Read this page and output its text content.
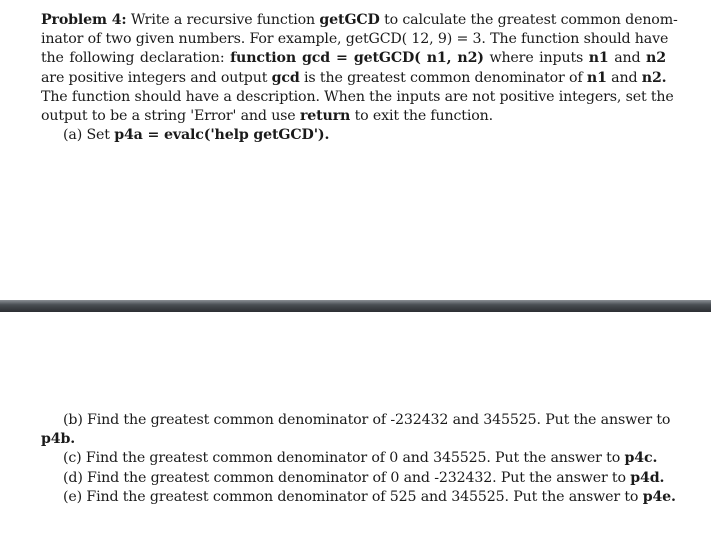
Problem 4: Write a recursive function getGCD to calculate the greatest common denom-
inator of two given numbers. For example, getGCD( 12, 9) = 3. The function should have
the following declaration: function gcd = getGCD( n1, n2) where inputs n1 and n2
are positive integers and output gcd is the greatest common denominator of n1 and n2.
The function should have a description. When the inputs are not positive integers, set the
output to be a string 'Error' and use return to exit the function.
(a) Set p4a = evalc('help getGCD').
(b) Find the greatest common denominator of -232432 and 345525. Put the answer to
p4b.
(c) Find the greatest common denominator of 0 and 345525. Put the answer to p4c.
(d) Find the greatest common denominator of 0 and -232432. Put the answer to p4d.
(e) Find the greatest common denominator of 525 and 345525. Put the answer to p4e.
